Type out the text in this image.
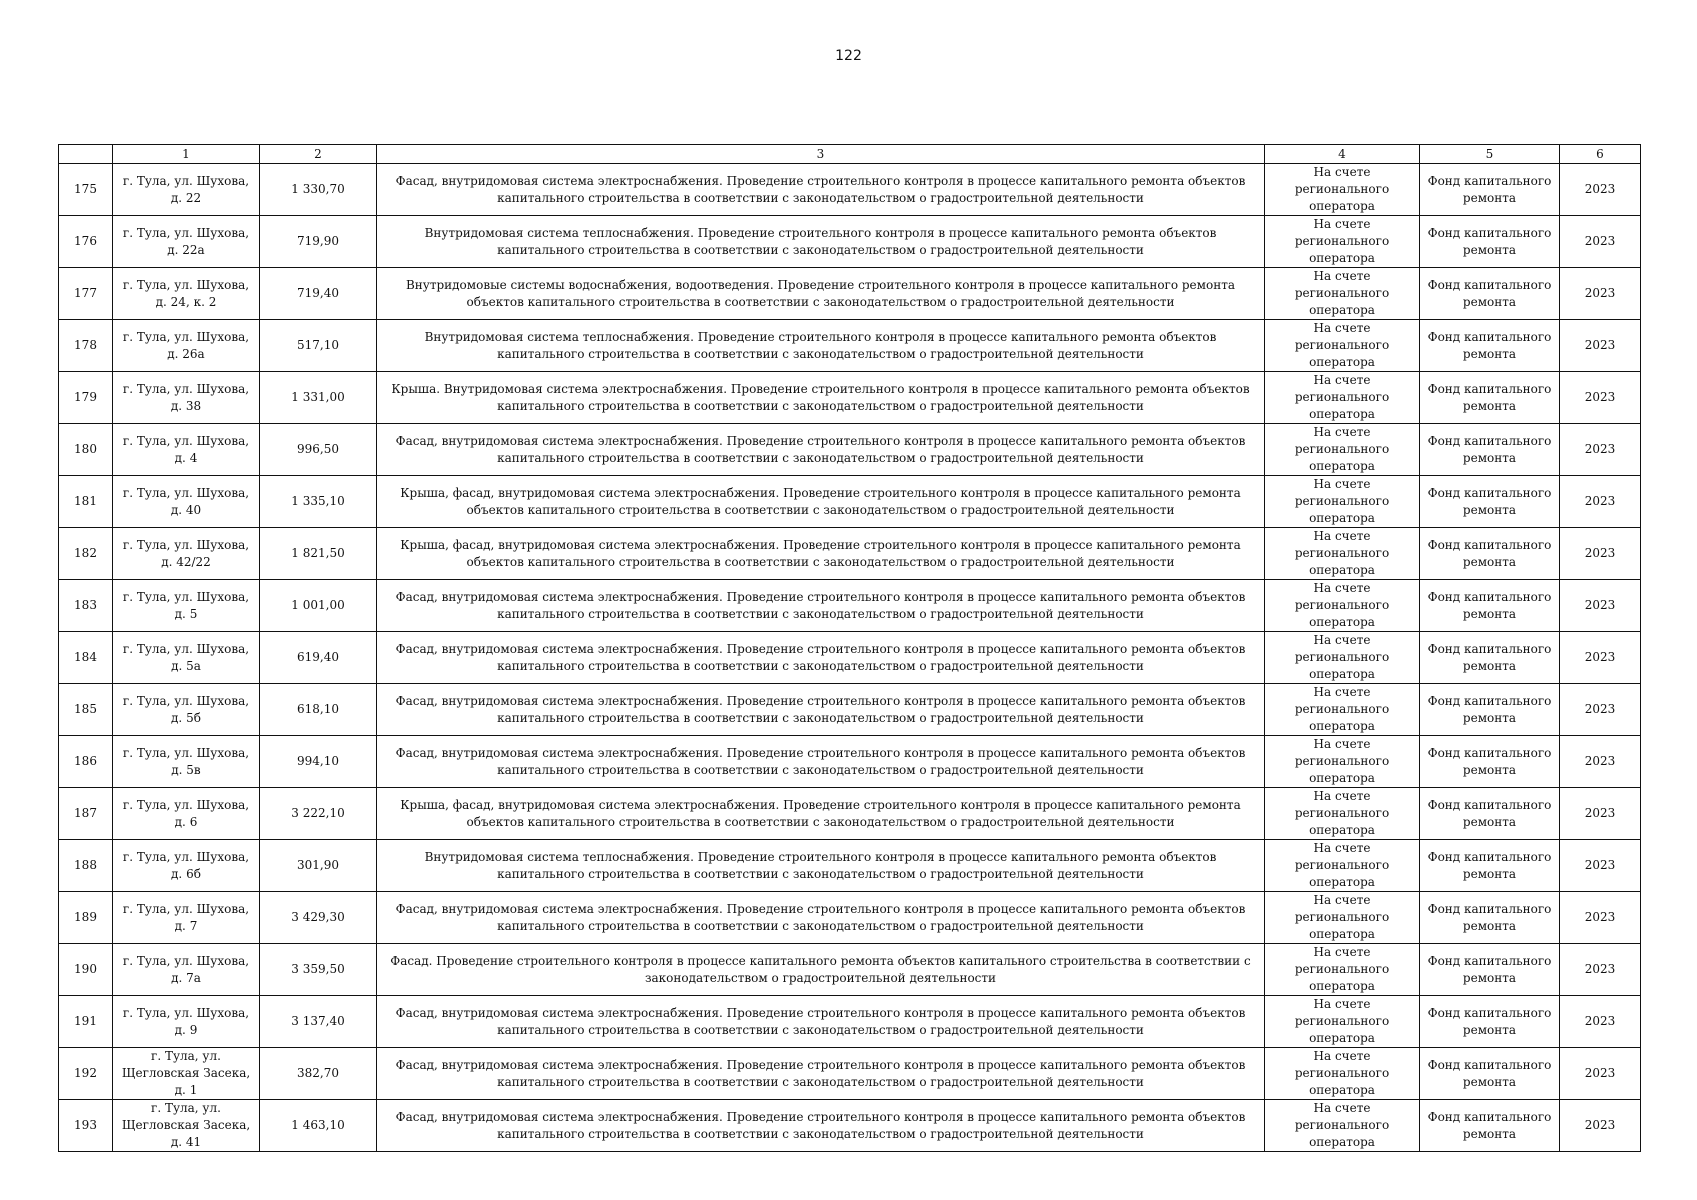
122
	1	2	3	4	5	6
175	г. Тула, ул. Шухова, д. 22	1 330,70	Фасад, внутридомовая система электроснабжения. Проведение строительного контроля в процессе капитального ремонта объектов капитального строительства в соответствии с законодательством о градостроительной деятельности	На счете регионального оператора	Фонд капитального ремонта	2023
176	г. Тула, ул. Шухова, д. 22а	719,90	Внутридомовая система теплоснабжения. Проведение строительного контроля в процессе капитального ремонта объектов капитального строительства в соответствии с законодательством о градостроительной деятельности	На счете регионального оператора	Фонд капитального ремонта	2023
177	г. Тула, ул. Шухова, д. 24, к. 2	719,40	Внутридомовые системы водоснабжения, водоотведения. Проведение строительного контроля в процессе капитального ремонта объектов капитального строительства в соответствии с законодательством о градостроительной деятельности	На счете регионального оператора	Фонд капитального ремонта	2023
178	г. Тула, ул. Шухова, д. 26а	517,10	Внутридомовая система теплоснабжения. Проведение строительного контроля в процессе капитального ремонта объектов капитального строительства в соответствии с законодательством о градостроительной деятельности	На счете регионального оператора	Фонд капитального ремонта	2023
179	г. Тула, ул. Шухова, д. 38	1 331,00	Крыша. Внутридомовая система электроснабжения. Проведение строительного контроля в процессе капитального ремонта объектов капитального строительства в соответствии с законодательством о градостроительной деятельности	На счете регионального оператора	Фонд капитального ремонта	2023
180	г. Тула, ул. Шухова, д. 4	996,50	Фасад, внутридомовая система электроснабжения. Проведение строительного контроля в процессе капитального ремонта объектов капитального строительства в соответствии с законодательством о градостроительной деятельности	На счете регионального оператора	Фонд капитального ремонта	2023
181	г. Тула, ул. Шухова, д. 40	1 335,10	Крыша, фасад, внутридомовая система электроснабжения. Проведение строительного контроля в процессе капитального ремонта объектов капитального строительства в соответствии с законодательством о градостроительной деятельности	На счете регионального оператора	Фонд капитального ремонта	2023
182	г. Тула, ул. Шухова, д. 42/22	1 821,50	Крыша, фасад, внутридомовая система электроснабжения. Проведение строительного контроля в процессе капитального ремонта объектов капитального строительства в соответствии с законодательством о градостроительной деятельности	На счете регионального оператора	Фонд капитального ремонта	2023
183	г. Тула, ул. Шухова, д. 5	1 001,00	Фасад, внутридомовая система электроснабжения. Проведение строительного контроля в процессе капитального ремонта объектов капитального строительства в соответствии с законодательством о градостроительной деятельности	На счете регионального оператора	Фонд капитального ремонта	2023
184	г. Тула, ул. Шухова, д. 5а	619,40	Фасад, внутридомовая система электроснабжения. Проведение строительного контроля в процессе капитального ремонта объектов капитального строительства в соответствии с законодательством о градостроительной деятельности	На счете регионального оператора	Фонд капитального ремонта	2023
185	г. Тула, ул. Шухова, д. 5б	618,10	Фасад, внутридомовая система электроснабжения. Проведение строительного контроля в процессе капитального ремонта объектов капитального строительства в соответствии с законодательством о градостроительной деятельности	На счете регионального оператора	Фонд капитального ремонта	2023
186	г. Тула, ул. Шухова, д. 5в	994,10	Фасад, внутридомовая система электроснабжения. Проведение строительного контроля в процессе капитального ремонта объектов капитального строительства в соответствии с законодательством о градостроительной деятельности	На счете регионального оператора	Фонд капитального ремонта	2023
187	г. Тула, ул. Шухова, д. 6	3 222,10	Крыша, фасад, внутридомовая система электроснабжения. Проведение строительного контроля в процессе капитального ремонта объектов капитального строительства в соответствии с законодательством о градостроительной деятельности	На счете регионального оператора	Фонд капитального ремонта	2023
188	г. Тула, ул. Шухова, д. 6б	301,90	Внутридомовая система теплоснабжения. Проведение строительного контроля в процессе капитального ремонта объектов капитального строительства в соответствии с законодательством о градостроительной деятельности	На счете регионального оператора	Фонд капитального ремонта	2023
189	г. Тула, ул. Шухова, д. 7	3 429,30	Фасад, внутридомовая система электроснабжения. Проведение строительного контроля в процессе капитального ремонта объектов капитального строительства в соответствии с законодательством о градостроительной деятельности	На счете регионального оператора	Фонд капитального ремонта	2023
190	г. Тула, ул. Шухова, д. 7а	3 359,50	Фасад. Проведение строительного контроля в процессе капитального ремонта объектов капитального строительства в соответствии с законодательством о градостроительной деятельности	На счете регионального оператора	Фонд капитального ремонта	2023
191	г. Тула, ул. Шухова, д. 9	3 137,40	Фасад, внутридомовая система электроснабжения. Проведение строительного контроля в процессе капитального ремонта объектов капитального строительства в соответствии с законодательством о градостроительной деятельности	На счете регионального оператора	Фонд капитального ремонта	2023
192	г. Тула, ул. Щегловская Засека, д. 1	382,70	Фасад, внутридомовая система электроснабжения. Проведение строительного контроля в процессе капитального ремонта объектов капитального строительства в соответствии с законодательством о градостроительной деятельности	На счете регионального оператора	Фонд капитального ремонта	2023
193	г. Тула, ул. Щегловская Засека, д. 41	1 463,10	Фасад, внутридомовая система электроснабжения. Проведение строительного контроля в процессе капитального ремонта объектов капитального строительства в соответствии с законодательством о градостроительной деятельности	На счете регионального оператора	Фонд капитального ремонта	2023
